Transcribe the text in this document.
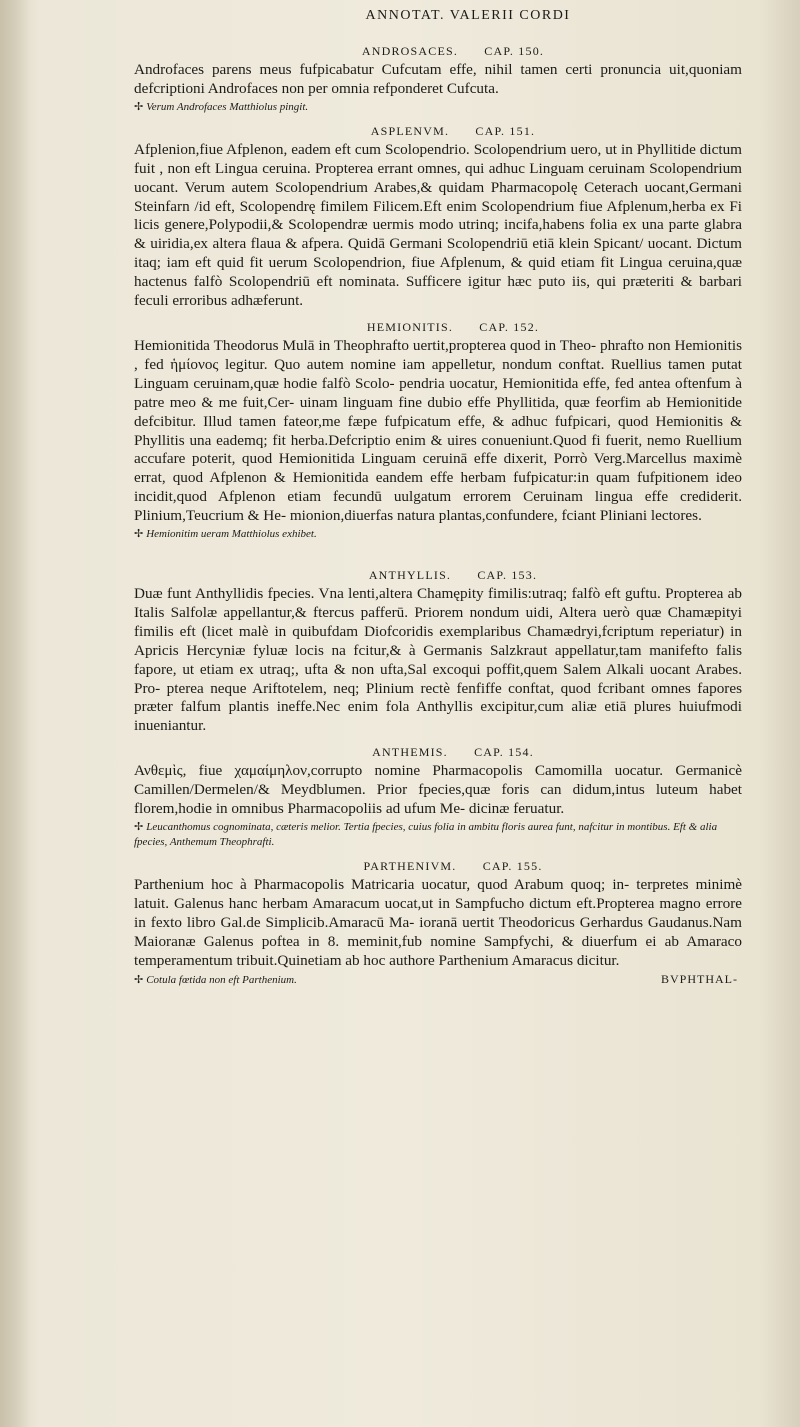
ANNOTAT. VALERII CORDI
ANDROSACES. CAP. 150.

Androfaces parens meus fufpicabatur Cufcutam effe, nihil tamen certi pronuncia uit,quoniam defcriptioni Androfaces non per omnia refponderet Cufcuta.

✢ Verum Androfaces Matthiolus pingit.
ASPLENVM. CAP. 151.

Afplenion,fiue Afplenon, eadem eft cum Scolopendrio. Scolopendrium uero, ut in Phyllitide dictum fuit , non eft Lingua ceruina. Propterea errant omnes, qui adhuc Linguam ceruinam Scolopendrium uocant. Verum autem Scolopendrium Arabes,& quidam Pharmacopolę Ceterach uocant,Germani Steinfarn /id eft, Scolopendrę fimilem Filicem.Eft enim Scolopendrium fiue Afplenum,herba ex Fi licis genere,Polypodii,& Scolopendræ uermis modo utrinq; incifa,habens folia ex una parte glabra & uiridia,ex altera flaua & afpera. Quidā Germani Scolopendriū etiā klein Spicant/ uocant. Dictum itaq; iam eft quid fit uerum Scolopendrion, fiue Afplenum, & quid etiam fit Lingua ceruina,quæ hactenus falfò Scolopendriū eft nominata. Sufficere igitur hæc puto iis, qui præteriti & barbari feculi erroribus adhæferunt.

HEMIONITIS. CAP. 152.

Hemionitida Theodorus Mulā in Theophrafto uertit,propterea quod in Theo- phrafto non Hemionitis , fed ἡμίονος legitur. Quo autem nomine iam appelletur, nondum conftat. Ruellius tamen putat Linguam ceruinam,quæ hodie falfò Scolo- pendria uocatur, Hemionitida effe, fed antea oftenfum à patre meo & me fuit,Cer- uinam linguam fine dubio effe Phyllitida, quæ feorfim ab Hemionitide defcibitur. Illud tamen fateor,me fæpe fufpicatum effe, & adhuc fufpicari, quod Hemionitis & Phyllitis una eademq; fit herba.Defcriptio enim & uires conueniunt.Quod fi fuerit, nemo Ruellium accufare poterit, quod Hemionitida Linguam ceruinā effe dixerit, Porrò Verg.Marcellus maximè errat, quod Afplenon & Hemionitida eandem effe herbam fufpicatur:in quam fufpitionem ideo incidit,quod Afplenon etiam fecundū uulgatum errorem Ceruinam lingua effe crediderit. Plinium,Teucrium & He- mionion,diuerfas natura plantas,confundere, fciant Pliniani lectores.

✢ Hemionitim ueram Matthiolus exhibet.
ANTHYLLIS. CAP. 153.

Duæ funt Anthyllidis fpecies. Vna lenti,altera Chamępity fimilis:utraq; falfò eft guftu. Propterea ab Italis Salfolæ appellantur,& ftercus pafferū. Priorem nondum uidi, Altera uerò quæ Chamæpityi fimilis eft (licet malè in quibufdam Diofcoridis exemplaribus Chamædryi,fcriptum reperiatur) in Apricis Hercyniæ fyluæ locis na fcitur,& à Germanis Salzkraut appellatur,tam manifefto falis fapore, ut etiam ex utraq;, ufta & non ufta,Sal excoqui poffit,quem Salem Alkali uocant Arabes. Pro- pterea neque Ariftotelem, neq; Plinium rectè fenfiffe conftat, quod fcribant omnes fapores præter falfum plantis ineffe.Nec enim fola Anthyllis excipitur,cum aliæ etiā plures huiufmodi inueniantur.

ANTHEMIS. CAP. 154.

Ανθεμὶς, fiue χαμαίμηλον,corrupto nomine Pharmacopolis Camomilla uocatur. Germanicè Camillen/Dermelen/& Meydblumen. Prior fpecies,quæ foris can didum,intus luteum habet florem,hodie in omnibus Pharmacopoliis ad ufum Me- dicinæ feruatur.

✢ Leucanthomus cognominata, cæteris melior. Tertia fpecies, cuius folia in ambitu floris aurea funt, nafcitur in montibus. Eft & alia fpecies, Anthemum Theophrafti.
PARTHENIVM. CAP. 155.

Parthenium hoc à Pharmacopolis Matricaria uocatur, quod Arabum quoq; in- terpretes minimè latuit. Galenus hanc herbam Amaracum uocat,ut in Sampfucho dictum eft.Propterea magno errore in fexto libro Gal.de Simplicib.Amaracū Ma- ioranā uertit Theodoricus Gerhardus Gaudanus.Nam Maioranæ Galenus poftea in 8. meminit,fub nomine Sampfychi, & diuerfum ei ab Amaraco temperamentum tribuit.Quinetiam ab hoc authore Parthenium Amaracus dicitur.

✢ Cotula fœtida non eft Parthenium.	BVPHTHAL-
